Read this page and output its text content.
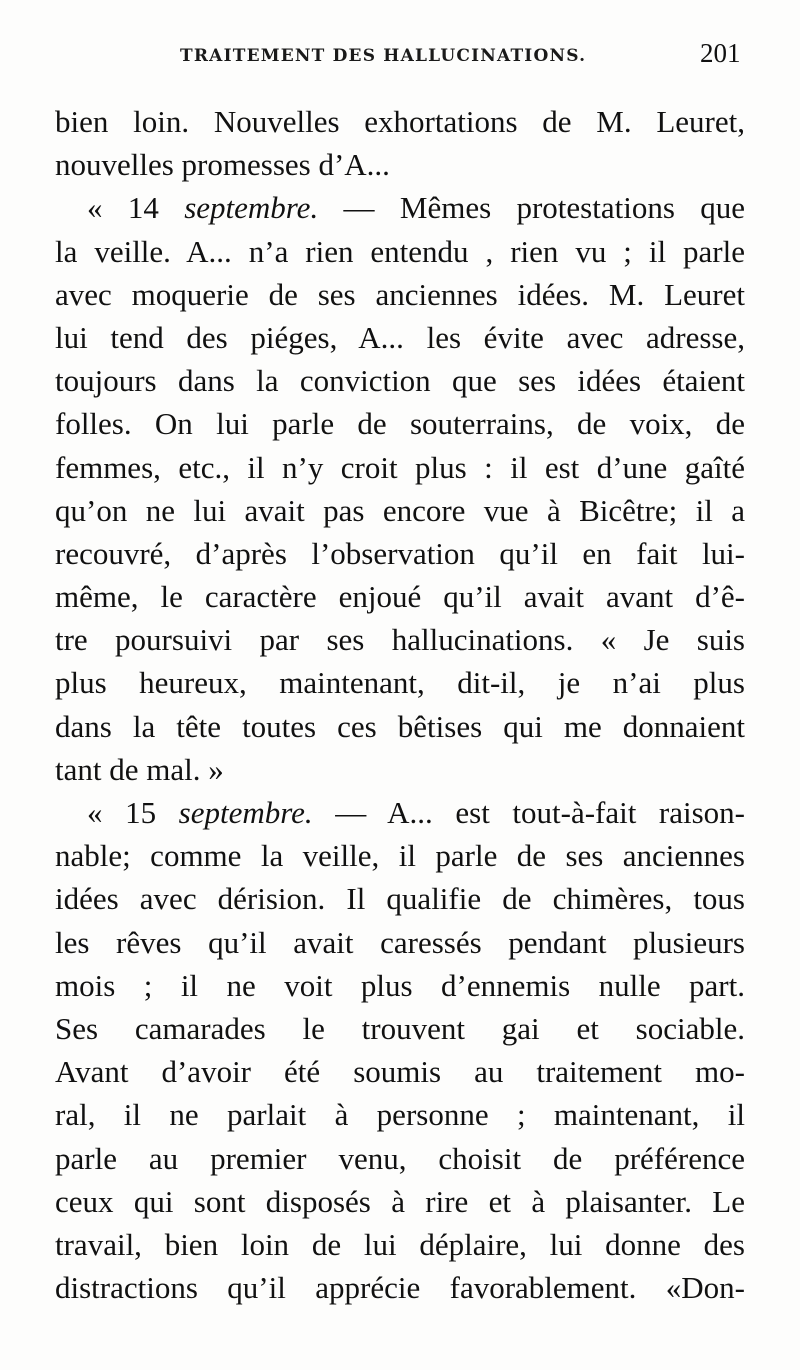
TRAITEMENT DES HALLUCINATIONS.	201
bien loin. Nouvelles exhortations de M. Leuret,
nouvelles promesses d’A...
« 14 septembre. — Mêmes protestations que
la veille. A... n’a rien entendu , rien vu ; il parle
avec moquerie de ses anciennes idées. M. Leuret
lui tend des piéges, A... les évite avec adresse,
toujours dans la conviction que ses idées étaient
folles. On lui parle de souterrains, de voix, de
femmes, etc., il n’y croit plus : il est d’une gaîté
qu’on ne lui avait pas encore vue à Bicêtre; il a
recouvré, d’après l’observation qu’il en fait lui-
même, le caractère enjoué qu’il avait avant d’ê-
tre poursuivi par ses hallucinations. « Je suis
plus heureux, maintenant, dit-il, je n’ai plus
dans la tête toutes ces bêtises qui me donnaient
tant de mal. »
« 15 septembre. — A... est tout-à-fait raison-
nable; comme la veille, il parle de ses anciennes
idées avec dérision. Il qualifie de chimères, tous
les rêves qu’il avait caressés pendant plusieurs
mois ; il ne voit plus d’ennemis nulle part.
Ses camarades le trouvent gai et sociable.
Avant d’avoir été soumis au traitement mo-
ral, il ne parlait à personne ; maintenant, il
parle au premier venu, choisit de préférence
ceux qui sont disposés à rire et à plaisanter. Le
travail, bien loin de lui déplaire, lui donne des
distractions qu’il apprécie favorablement. «Don-
